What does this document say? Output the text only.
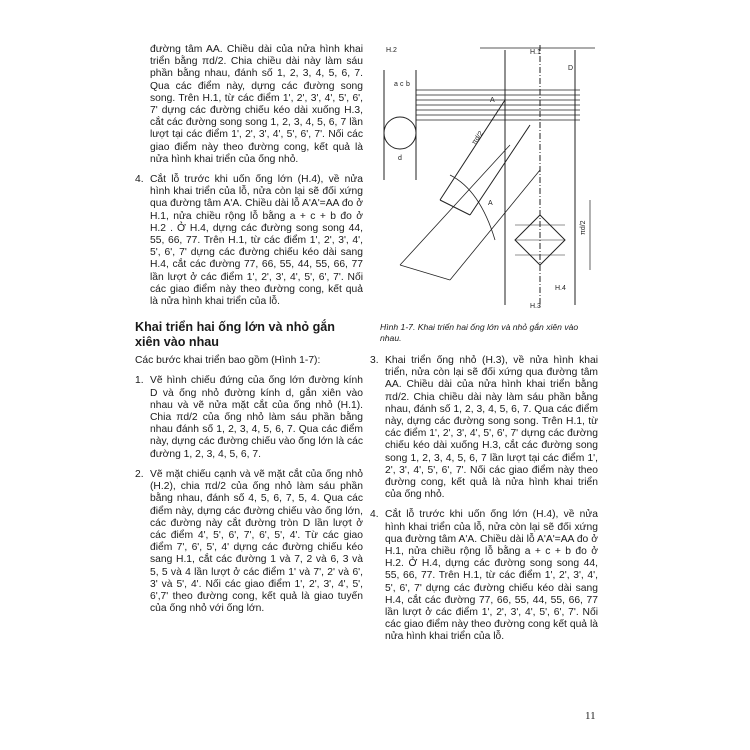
đường tâm AA. Chiều dài của nửa hình khai triển bằng πd/2. Chia chiều dài này làm sáu phần bằng nhau, đánh số 1, 2, 3, 4, 5, 6, 7. Qua các điểm này, dựng các đường song song. Trên H.1, từ các điểm 1', 2', 3', 4', 5', 6', 7' dựng các đường chiếu kéo dài xuống H.3, cắt các đường song song 1, 2, 3, 4, 5, 6, 7 lần lượt tại các điểm 1', 2', 3', 4', 5', 6', 7'. Nối các giao điểm này theo đường cong, kết quả là nửa hình khai triển của ống nhỏ.

4. Cắt lỗ trước khi uốn ống lớn (H.4), về nửa hình khai triển của lỗ, nửa còn lại sẽ đối xứng qua đường tâm A'A. Chiều dài lỗ A'A'=AA đo ở H.1, nửa chiều rộng lỗ bằng a + c + b đo ở H.2 . Ở H.4, dựng các đường song song 44, 55, 66, 77. Trên H.1, từ các điểm 1', 2', 3', 4', 5', 6', 7' dựng các đường chiếu kéo dài sang H.4, cắt các đường 77, 66, 55, 44, 55, 66, 77 lần lượt ở các điểm 1', 2', 3', 4', 5', 6', 7'. Nối các giao điểm này theo đường cong, kết quả là nửa hình khai triển của lỗ.

Khai triển hai ống lớn và nhỏ gắn xiên vào nhau

Các bước khai triển bao gồm (Hình 1-7):

1. Vẽ hình chiếu đứng của ống lớn đường kính D và ống nhỏ đường kính d, gắn xiên vào nhau và vẽ nửa mặt cắt của ống nhỏ (H.1). Chia πd/2 của ống nhỏ làm sáu phần bằng nhau đánh số 1, 2, 3, 4, 5, 6, 7. Qua các điểm này, dựng các đường chiếu vào ống lớn là các đường 1, 2, 3, 4, 5, 6, 7.

2. Vẽ mặt chiếu cạnh và vẽ mặt cắt của ống nhỏ (H.2), chia πd/2 của ống nhỏ làm sáu phần bằng nhau, đánh số 4, 5, 6, 7, 5, 4. Qua các điểm này, dựng các đường chiếu vào ống lớn, các đường này cắt đường tròn D lần lượt ở các điểm 4', 5', 6', 7', 6', 5', 4'. Từ các giao điểm 7', 6', 5', 4' dựng các đường chiếu kéo sang H.1, cắt các đường 1 và 7, 2 và 6, 3 và 5, 5 và 4 lần lượt ở các điểm 1' và 7', 2' và 6', 3' và 5', 4'. Nối các giao điểm 1', 2', 3', 4', 5', 6',7' theo đường cong, kết quả là giao tuyến của ống nhỏ với ống lớn.

H.2	H.1
H.3
H.4
πd/2
πd/2
a c b
A
A
d
D
Hình 1-7. Khai triển hai ống lớn và nhỏ gắn xiên vào nhau.
3. Khai triển ống nhỏ (H.3), về nửa hình khai triển, nửa còn lại sẽ đối xứng qua đường tâm AA. Chiều dài của nửa hình khai triển bằng πd/2. Chia chiều dài này làm sáu phần bằng nhau, đánh số 1, 2, 3, 4, 5, 6, 7. Qua các điểm này, dựng các đường song song. Trên H.1, từ các điểm 1', 2', 3', 4', 5', 6', 7' dựng các đường chiếu kéo dài xuống H.3, cắt các đường song song 1, 2, 3, 4, 5, 6, 7 lần lượt tại các điểm 1', 2', 3', 4', 5', 6', 7'. Nối các giao điểm này theo đường cong, kết quả là nửa hình khai triển của ống nhỏ.

4. Cắt lỗ trước khi uốn ống lớn (H.4), về nửa hình khai triển của lỗ, nửa còn lại sẽ đối xứng qua đường tâm A'A. Chiều dài lỗ A'A'=AA đo ở H.1, nửa chiều rộng lỗ bằng a + c + b đo ở H.2. Ở H.4, dựng các đường song song 44, 55, 66, 77. Trên H.1, từ các điểm 1', 2', 3', 4', 5', 6', 7' dựng các đường chiếu kéo dài sang H.4, cắt các đường 77, 66, 55, 44, 55, 66, 77 lần lượt ở các điểm 1', 2', 3', 4', 5', 6', 7'. Nối các giao điểm này theo đường cong kết quả là nửa hình khai triển của lỗ.

11
